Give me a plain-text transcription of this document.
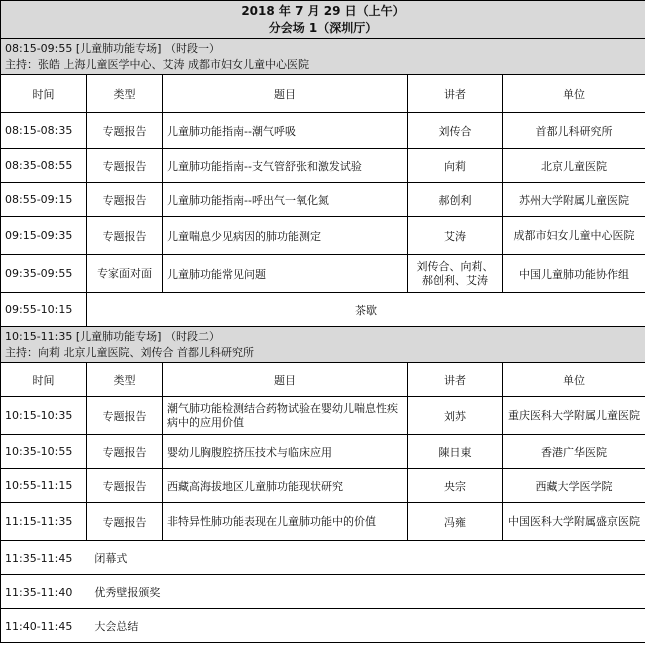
2018 年 7 月 29 日（上午）
分会场 1（深圳厅）				

08:15-09:55 [儿童肺功能专场] （时段一）
主持：张皓 上海儿童医学中心、艾涛 成都市妇女儿童中心医院				

时间	类型	题目	讲者	单位
08:15-08:35	专题报告	儿童肺功能指南--潮气呼吸	刘传合	首都儿科研究所
08:35-08:55	专题报告	儿童肺功能指南--支气管舒张和激发试验	向莉	北京儿童医院
08:55-09:15	专题报告	儿童肺功能指南--呼出气一氧化氮	郝创利	苏州大学附属儿童医院
09:15-09:35	专题报告	儿童喘息少见病因的肺功能测定	艾涛	成都市妇女儿童中心医院
09:35-09:55	专家面对面	儿童肺功能常见问题	刘传合、向莉、郝创利、艾涛	中国儿童肺功能协作组
09:55-10:15	茶歇			

10:15-11:35 [儿童肺功能专场] （时段二）
主持：向莉 北京儿童医院、刘传合 首都儿科研究所				

时间	类型	题目	讲者	单位
10:15-10:35	专题报告	潮气肺功能检测结合药物试验在婴幼儿喘息性疾病中的应用价值	刘苏	重庆医科大学附属儿童医院
10:35-10:55	专题报告	婴幼儿胸腹腔挤压技术与临床应用	陳日東	香港广华医院
10:55-11:15	专题报告	西藏高海拔地区儿童肺功能现状研究	央宗	西藏大学医学院
11:15-11:35	专题报告	非特异性肺功能表现在儿童肺功能中的价值	冯雍	中国医科大学附属盛京医院
11:35-11:45 闭幕式				
11:35-11:40 优秀壁报颁奖				
11:40-11:45 大会总结				
